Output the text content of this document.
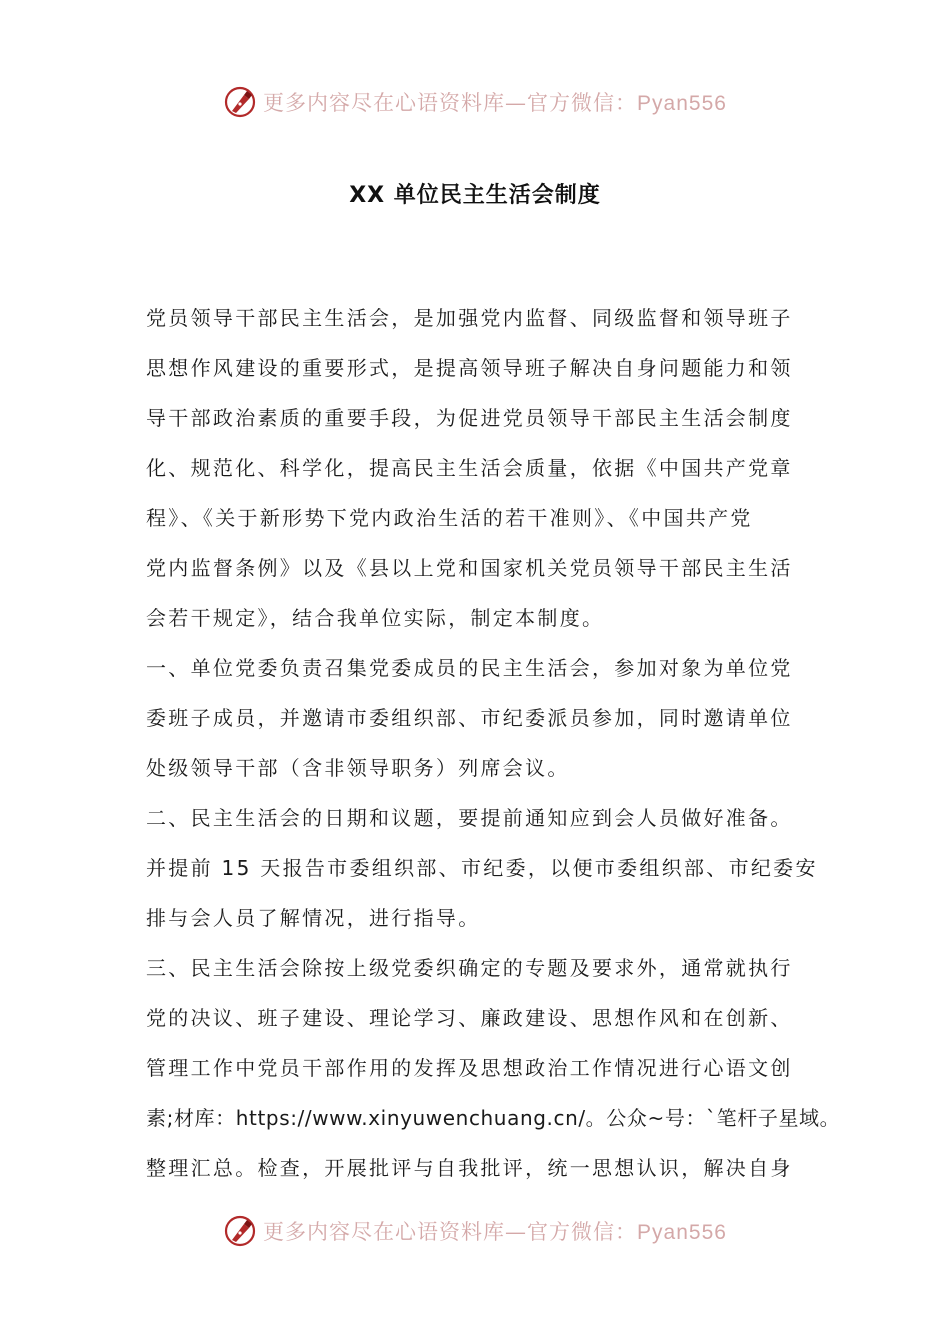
更多内容尽在心语资料库—官方微信：Pyan556
XX 单位民主生活会制度
党员领导干部民主生活会，是加强党内监督、同级监督和领导班子
思想作风建设的重要形式，是提高领导班子解决自身问题能力和领
导干部政治素质的重要手段，为促进党员领导干部民主生活会制度
化、规范化、科学化，提高民主生活会质量，依据《中国共产党章
程》、《关于新形势下党内政治生活的若干准则》、《中国共产党
党内监督条例》以及《县以上党和国家机关党员领导干部民主生活
会若干规定》，结合我单位实际，制定本制度。
一、单位党委负责召集党委成员的民主生活会，参加对象为单位党
委班子成员，并邀请市委组织部、市纪委派员参加，同时邀请单位
处级领导干部（含非领导职务）列席会议。
二、民主生活会的日期和议题，要提前通知应到会人员做好准备。
并提前 15 天报告市委组织部、市纪委，以便市委组织部、市纪委安
排与会人员了解情况，进行指导。
三、民主生活会除按上级党委织确定的专题及要求外，通常就执行
党的决议、班子建设、理论学习、廉政建设、思想作风和在创新、
管理工作中党员干部作用的发挥及思想政治工作情况进行心语文创
素;材库：https://www.xinyuwenchuang.cn/。公众~号：`笔杆子星域。
整理汇总。检查，开展批评与自我批评，统一思想认识，解决自身
更多内容尽在心语资料库—官方微信：Pyan556
